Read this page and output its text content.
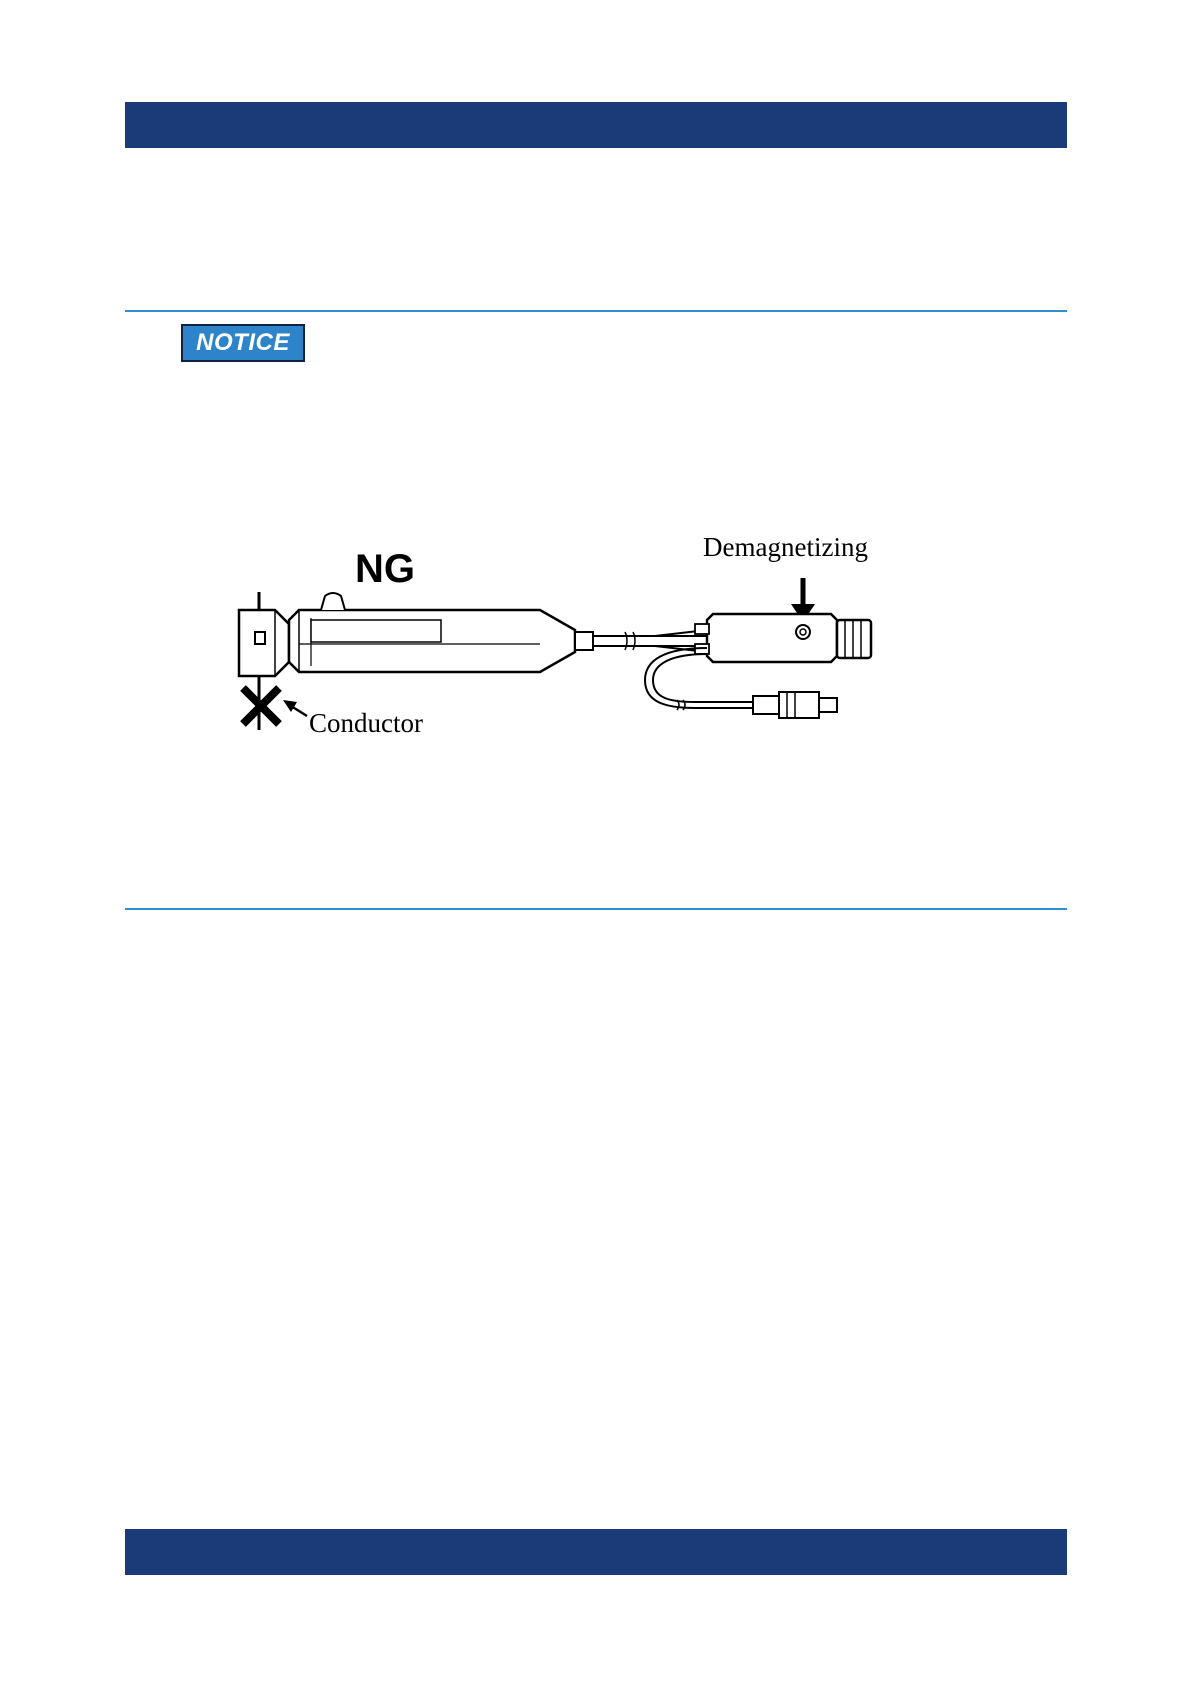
NOTICE
NG	Demagnetizing
Conductor
